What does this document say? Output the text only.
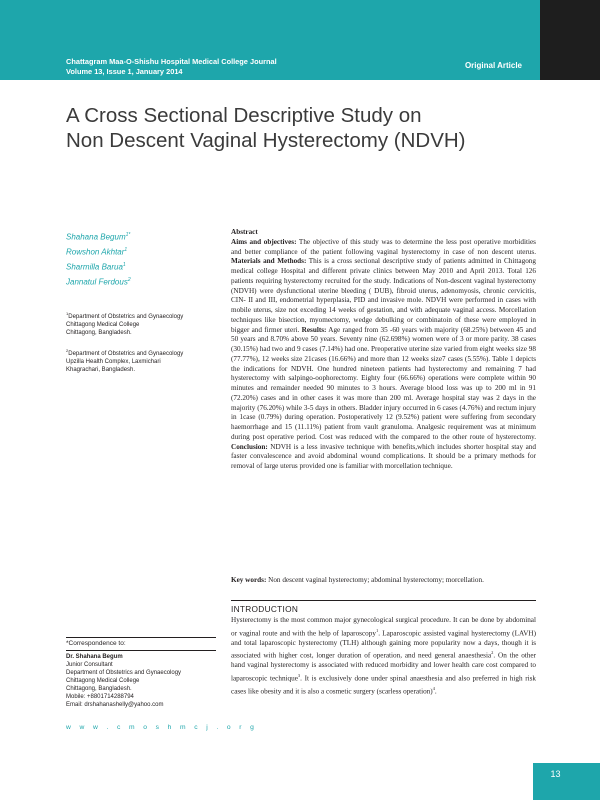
Chattagram Maa-O-Shishu Hospital Medical College Journal
Volume 13, Issue 1, January 2014
Original Article
A Cross Sectional Descriptive Study on
Non Descent Vaginal Hysterectomy (NDVH)
Shahana Begum$^{1*}$
Rowshon Akhtar$^1$
Sharmilla Barua$^1$
Jannatul Ferdous$^2$
$^1$Department of Obstetrics and Gynaecology
Chittagong Medical College
Chittagong, Bangladesh.
$^2$Department of Obstetrics and Gynaecology
Upzilla Health Complex, Laxmichari
Khagrachari, Bangladesh.
Abstract
Aims and objectives: The objective of this study was to determine the less post operative morbidities and better compliance of the patient following vaginal hysterectomy in case of non descent uterus. Materials and Methods: This is a cross sectional descriptive study of patients admitted in Chittagong medical college Hospital and different private clinics between May 2010 and April 2013. Total 126 patients requiring hysterectomy recruited for the study. Indications of Non-descent vaginal hysterectomy (NDVH) were dysfunctional uterine bleeding ( DUB), fibroid uterus, adenomyosis, chronic cervicitis, CIN- II and III, endometrial hyperplasia, PID and invasive mole. NDVH were performed in cases with mobile uterus, size not exceding 14 weeks of gestation, and with adequate vaginal access. Morcellation techniques like bisection, myomectomy, wedge debulking or combinatoin of these were employed in bigger and firmer uteri. Results: Age ranged from 35 -60 years with majority (68.25%) between 45 and 50 years and 8.70% above 50 years. Seventy nine (62.698%) women were of 3 or more parity. 38 cases (30.15%) had two and 9 cases (7.14%) had one. Preoperative uterine size varied from eight weeks size 98 (77.77%), 12 weeks size 21cases (16.66%) and more than 12 weeks size7 cases (5.55%). Table 1 depicts the indications for NDVH. One hundred nineteen patients had hysterectomy and remaining 7 had hysterectomy with salpingo-oophorectomy. Eighty four (66.66%) operations were complete within 90 minutes and remainder needed 90 minutes to 3 hours. Average blood loss was up to 200 ml in 91 (72.20%) cases and in other cases it was more than 200 ml. Average hospital stay was 2 days in the majority (76.20%) while 3-5 days in others. Bladder injury occurred in 6 cases (4.76%) and rectum injury in 1case (0.79%) during operation. Postoperatively 12 (9.52%) patient were suffering from secondary haemorrhage and 15 (11.11%) patient from vault granuloma. Analgesic requirement was at minimum during post operative period. Cost was reduced with the compared to the other route of hysterectomy. Conclusion: NDVH is a less invasive technique with benefits,which includes shorter hospital stay and faster convalescence and avoid abdominal wound complications. It should be a primary methods for removal of large uterus provided one is familiar with morcellation technique.
Key words: Non descent vaginal hysterectomy; abdominal hysterectomy; morcellation.
INTRODUCTION
Hysterectomy is the most common major gynecological surgical procedure. It can be done by abdominal or vaginal route and with the help of laparoscopy$^1$. Laparoscopic assisted vaginal hysterectomy (LAVH) and total laparoscopic hysterectomy (TLH) although gaining more popularity now a days, though it is associated with higher cost, longer duration of operation, and need general anaesthesia$^2$. On the other hand vaginal hysterectomy is associated with reduced morbidity and lower health care cost compared to laparoscopic technique$^3$. It is exclusively done under spinal anaesthesia and also preferred in high risk cases like obesity and it is also a cosmetic surgery (scarless operation)$^4$.
*Correspondence to:
Dr. Shahana Begum
Junior Consultant
Department of Obstetrics and Gynaecology
Chittagong Medical College
Chittagong, Bangladesh.
Mobile: +8801714288794
Email: drshahanashelly@yahoo.com
w w w . c m o s h m c j . o r g
13
